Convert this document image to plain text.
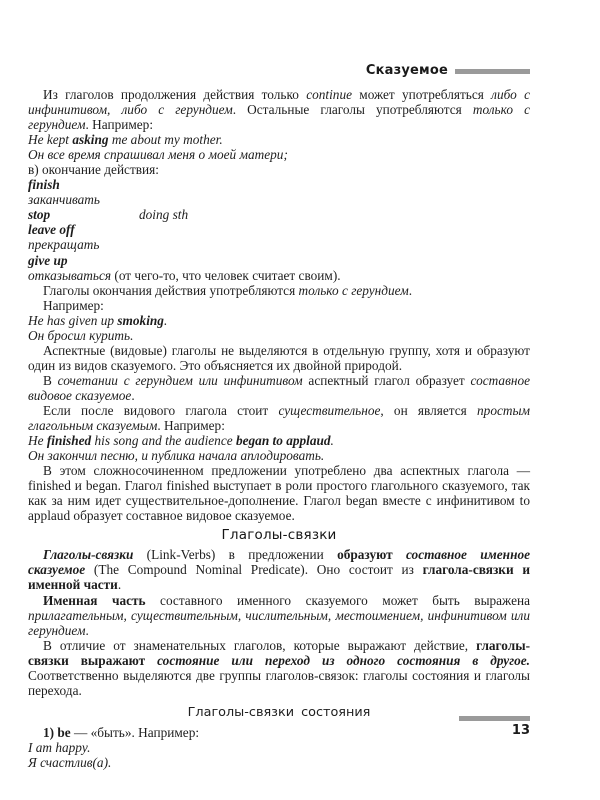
Сказуемое

Из глаголов продолжения действия только continue может употребляться либо с инфинитивом, либо с герундием. Остальные глаголы употребляются только с герундием. Например:

He kept asking me about my mother.

Он все время спрашивал меня о моей матери;

в) окончание действия:

finish

заканчивать

stop	doing sth

leave off

прекращать

give up

отказываться (от чего-то, что человек считает своим).

Глаголы окончания действия употребляются только с герундием.

Например:

He has given up smoking.

Он бросил курить.

Аспектные (видовые) глаголы не выделяются в отдельную группу, хотя и образуют один из видов сказуемого. Это объясняется их двойной природой.

В сочетании с герундием или инфинитивом аспектный глагол образует составное видовое сказуемое.

Если после видового глагола стоит существительное, он является простым глагольным сказуемым. Например:

He finished his song and the audience began to applaud.

Он закончил песню, и публика начала аплодировать.

В этом сложносочиненном предложении употреблено два аспектных глагола — finished и began. Глагол finished выступает в роли простого глагольного сказуемого, так как за ним идет существительное-дополнение. Глагол began вместе с инфинитивом to applaud образует составное видовое сказуемое.

Глаголы-связки

Глаголы-связки (Link-Verbs) в предложении образуют составное именное сказуемое (The Compound Nominal Predicate). Оно состоит из глагола-связки и именной части.

Именная часть составного именного сказуемого может быть выражена прилагательным, существительным, числительным, местоимением, инфинитивом или герундием.

В отличие от знаменательных глаголов, которые выражают действие, глаголы-связки выражают состояние или переход из одного состояния в другое. Соответственно выделяются две группы глаголов-связок: глаголы состояния и глаголы перехода.

Глаголы-связки состояния

1) be — «быть». Например:

I am happy.

Я счастлив(а).

13
